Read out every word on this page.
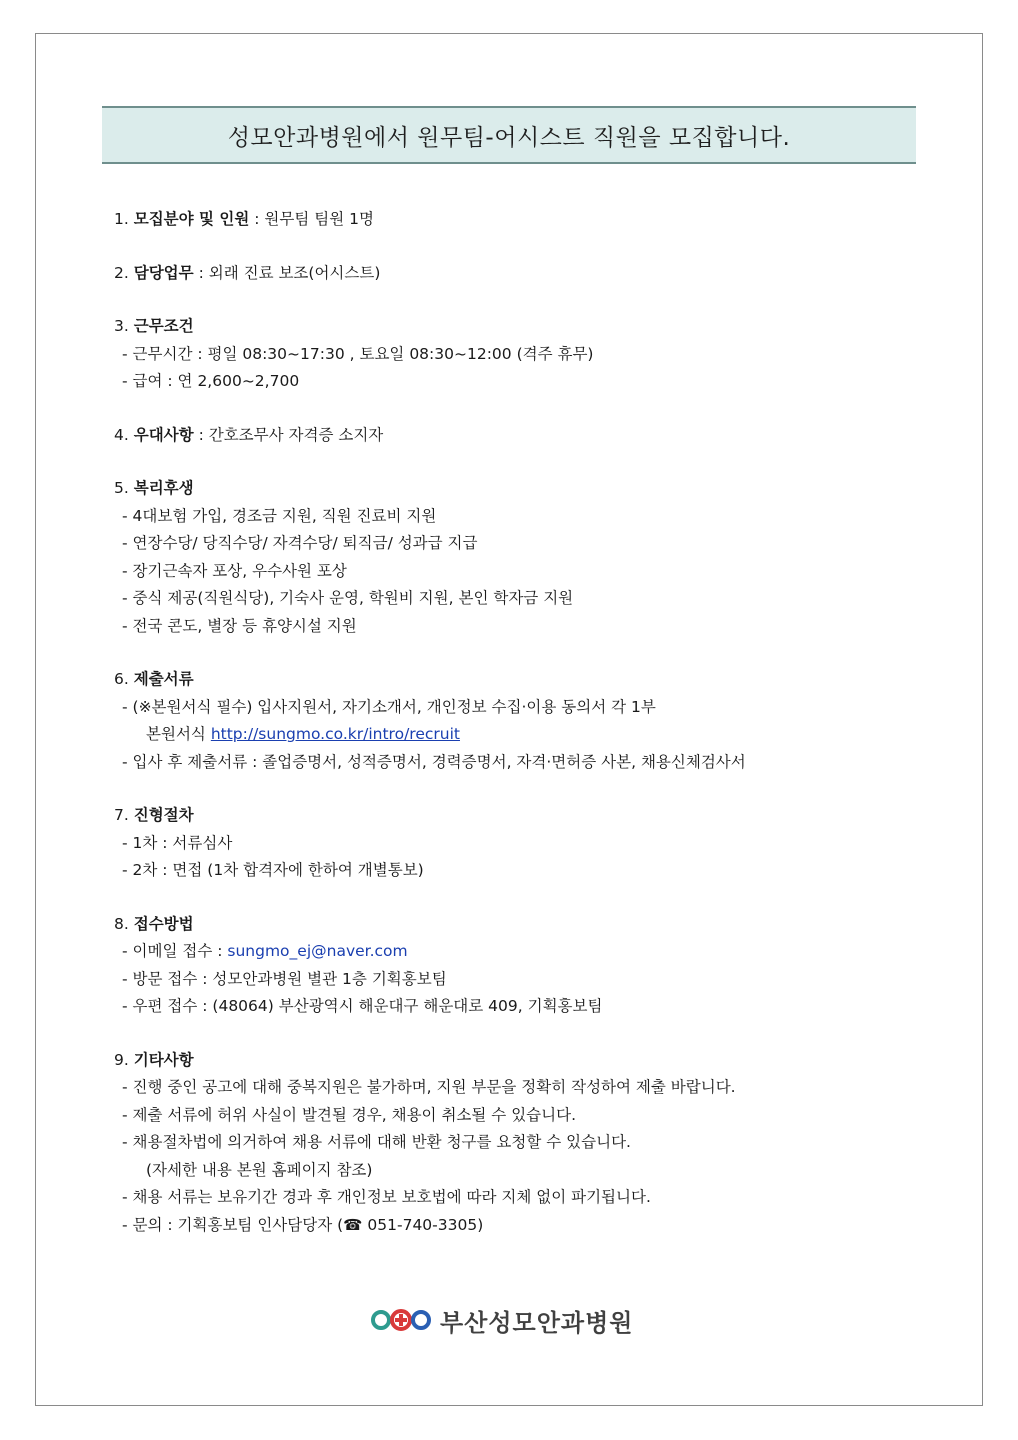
성모안과병원에서 원무팀-어시스트 직원을 모집합니다.
1. 모집분야 및 인원 : 원무팀 팀원 1명
2. 담당업무 : 외래 진료 보조(어시스트)
3. 근무조건
- 근무시간 : 평일 08:30~17:30 , 토요일 08:30~12:00 (격주 휴무)
- 급여 : 연 2,600~2,700
4. 우대사항 : 간호조무사 자격증 소지자
5. 복리후생
- 4대보험 가입, 경조금 지원, 직원 진료비 지원
- 연장수당/ 당직수당/ 자격수당/ 퇴직금/ 성과급 지급
- 장기근속자 포상, 우수사원 포상
- 중식 제공(직원식당), 기숙사 운영, 학원비 지원, 본인 학자금 지원
- 전국 콘도, 별장 등 휴양시설 지원
6. 제출서류
- (※본원서식 필수) 입사지원서, 자기소개서, 개인정보 수집·이용 동의서 각 1부
본원서식 http://sungmo.co.kr/intro/recruit
- 입사 후 제출서류 : 졸업증명서, 성적증명서, 경력증명서, 자격·면허증 사본, 채용신체검사서
7. 진형절차
- 1차 : 서류심사
- 2차 : 면접 (1차 합격자에 한하여 개별통보)
8. 접수방법
- 이메일 접수 : sungmo_ej@naver.com
- 방문 접수 : 성모안과병원 별관 1층 기획홍보팀
- 우편 접수 : (48064) 부산광역시 해운대구 해운대로 409, 기획홍보팀
9. 기타사항
- 진행 중인 공고에 대해 중복지원은 불가하며, 지원 부문을 정확히 작성하여 제출 바랍니다.
- 제출 서류에 허위 사실이 발견될 경우, 채용이 취소될 수 있습니다.
- 채용절차법에 의거하여 채용 서류에 대해 반환 청구를 요청할 수 있습니다.
(자세한 내용 본원 홈페이지 참조)
- 채용 서류는 보유기간 경과 후 개인정보 보호법에 따라 지체 없이 파기됩니다.
- 문의 : 기획홍보팀 인사담당자 (☎ 051-740-3305)
부산성모안과병원
